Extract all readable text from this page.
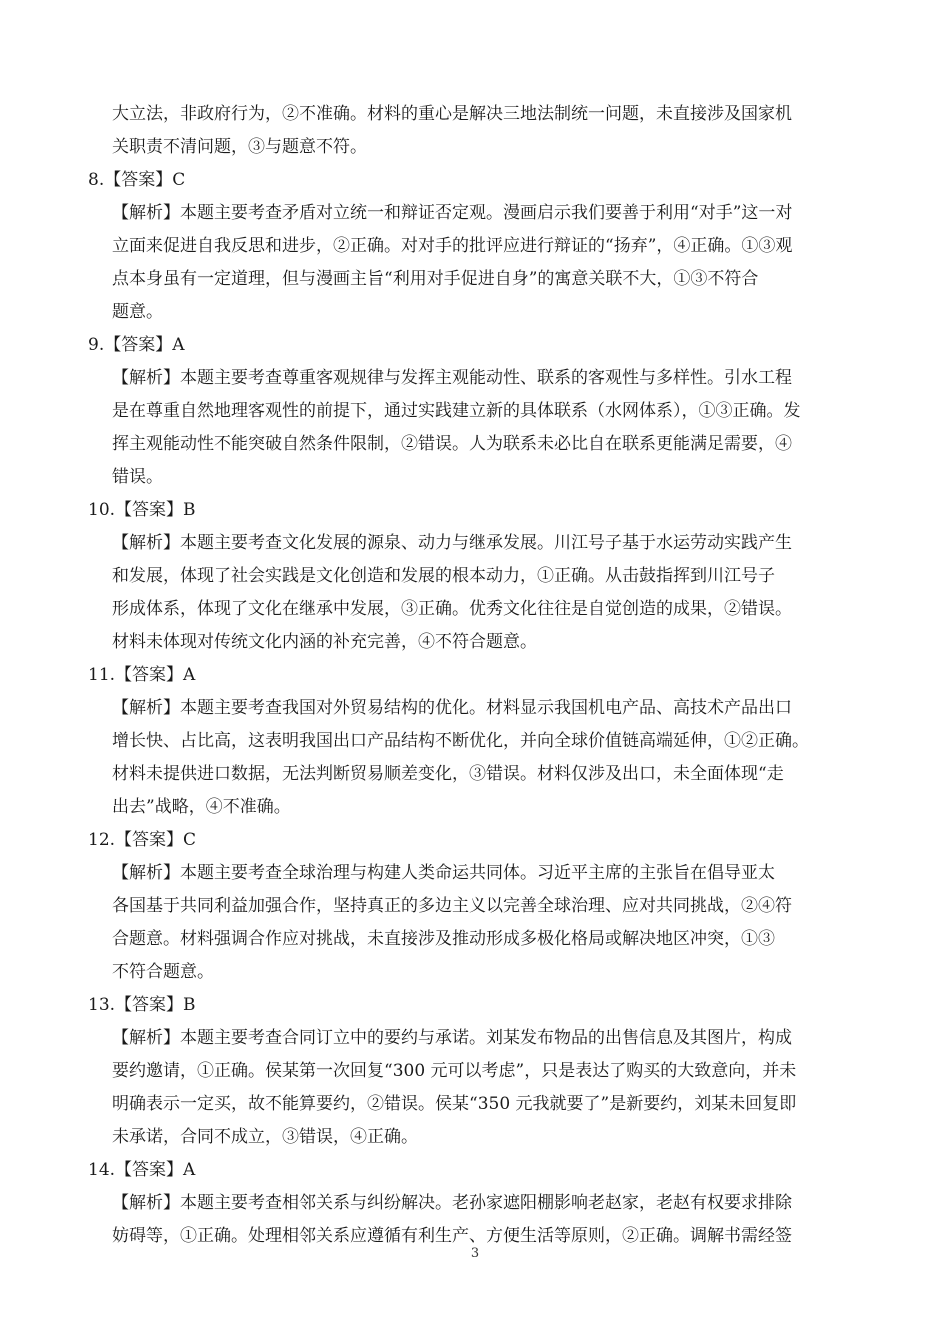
大立法，非政府行为，②不准确。材料的重心是解决三地法制统一问题，未直接涉及国家机
关职责不清问题，③与题意不符。
8.【答案】C
【解析】本题主要考查矛盾对立统一和辩证否定观。漫画启示我们要善于利用“对手”这一对
立面来促进自我反思和进步，②正确。对对手的批评应进行辩证的“扬弃”，④正确。①③观
点本身虽有一定道理，但与漫画主旨“利用对手促进自身”的寓意关联不大，①③不符合
题意。
9.【答案】A
【解析】本题主要考查尊重客观规律与发挥主观能动性、联系的客观性与多样性。引水工程
是在尊重自然地理客观性的前提下，通过实践建立新的具体联系（水网体系），①③正确。发
挥主观能动性不能突破自然条件限制，②错误。人为联系未必比自在联系更能满足需要，④
错误。
10.【答案】B
【解析】本题主要考查文化发展的源泉、动力与继承发展。川江号子基于水运劳动实践产生
和发展，体现了社会实践是文化创造和发展的根本动力，①正确。从击鼓指挥到川江号子
形成体系，体现了文化在继承中发展，③正确。优秀文化往往是自觉创造的成果，②错误。
材料未体现对传统文化内涵的补充完善，④不符合题意。
11.【答案】A
【解析】本题主要考查我国对外贸易结构的优化。材料显示我国机电产品、高技术产品出口
增长快、占比高，这表明我国出口产品结构不断优化，并向全球价值链高端延伸，①②正确。
材料未提供进口数据，无法判断贸易顺差变化，③错误。材料仅涉及出口，未全面体现“走
出去”战略，④不准确。
12.【答案】C
【解析】本题主要考查全球治理与构建人类命运共同体。习近平主席的主张旨在倡导亚太
各国基于共同利益加强合作，坚持真正的多边主义以完善全球治理、应对共同挑战，②④符
合题意。材料强调合作应对挑战，未直接涉及推动形成多极化格局或解决地区冲突，①③
不符合题意。
13.【答案】B
【解析】本题主要考查合同订立中的要约与承诺。刘某发布物品的出售信息及其图片，构成
要约邀请，①正确。侯某第一次回复“300 元可以考虑”，只是表达了购买的大致意向，并未
明确表示一定买，故不能算要约，②错误。侯某“350 元我就要了”是新要约，刘某未回复即
未承诺，合同不成立，③错误，④正确。
14.【答案】A
【解析】本题主要考查相邻关系与纠纷解决。老孙家遮阳棚影响老赵家，老赵有权要求排除
妨碍等，①正确。处理相邻关系应遵循有利生产、方便生活等原则，②正确。调解书需经签
3
